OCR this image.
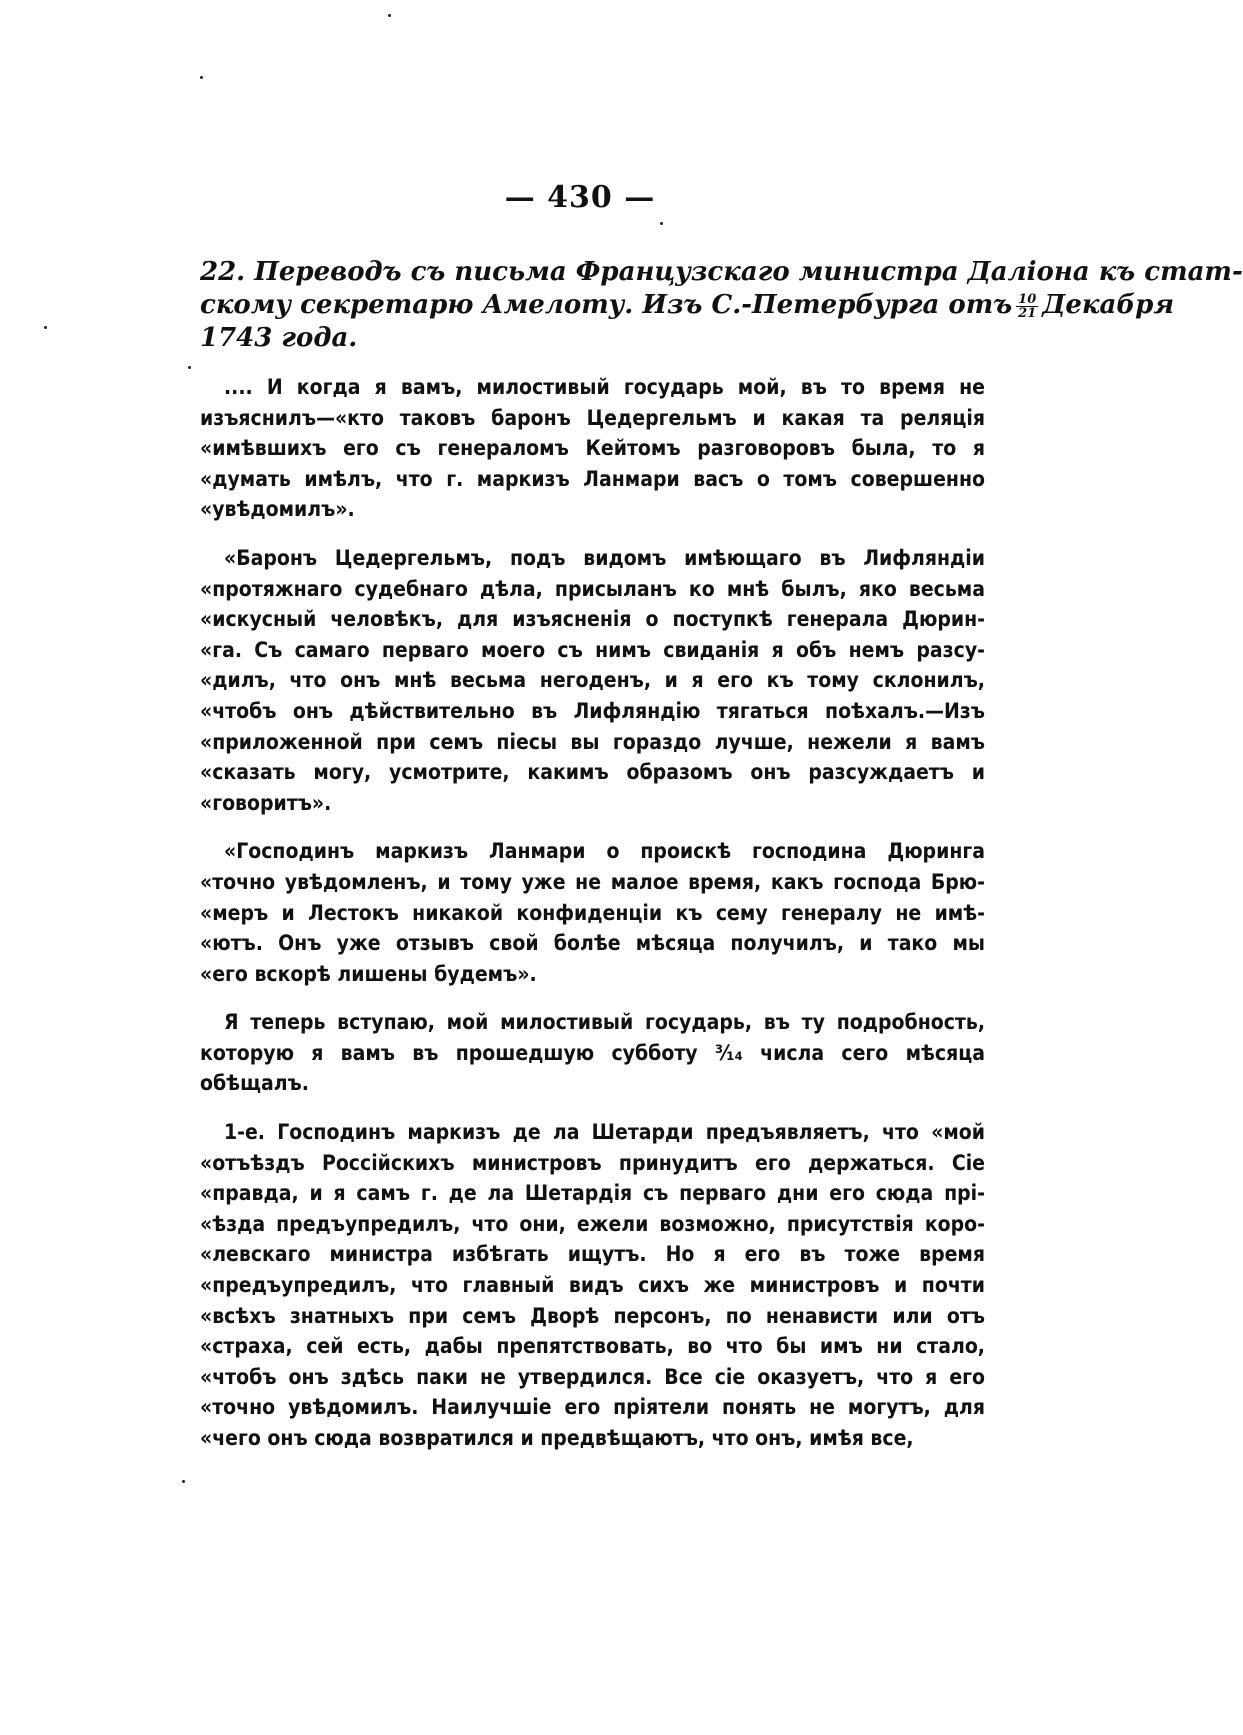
— 430 —
22. Переводъ съ письма Французскаго министра Даліона къ стат-
скому секретарю Амелоту. Изъ С.-Петербурга отъ $\frac{10}{21}$ Декабря
1743 года.
.... И когда я вамъ, милостивый государь мой, въ то время не
изъяснилъ—«кто таковъ баронъ Цедергельмъ и какая та реляція
«имѣвшихъ его съ генераломъ Кейтомъ разговоровъ была, то я
«думать имѣлъ, что г. маркизъ Ланмари васъ о томъ совершенно
«увѣдомилъ».
«Баронъ Цедергельмъ, подъ видомъ имѣющаго въ Лифляндіи
«протяжнаго судебнаго дѣла, присыланъ ко мнѣ былъ, яко весьма
«искусный человѣкъ, для изъясненія о поступкѣ генерала Дюрин-
«га. Съ самаго перваго моего съ нимъ свиданія я объ немъ разсу-
«дилъ, что онъ мнѣ весьма негоденъ, и я его къ тому склонилъ,
«чтобъ онъ дѣйствительно въ Лифляндію тягаться поѣхалъ.—Изъ
«приложенной при семъ піесы вы гораздо лучше, нежели я вамъ
«сказать могу, усмотрите, какимъ образомъ онъ разсуждаетъ и
«говоритъ».
«Господинъ маркизъ Ланмари о проискѣ господина Дюринга
«точно увѣдомленъ, и тому уже не малое время, какъ господа Брю-
«меръ и Лестокъ никакой конфиденціи къ сему генералу не имѣ-
«ютъ. Онъ уже отзывъ свой болѣе мѣсяца получилъ, и тако мы
«его вскорѣ лишены будемъ».
Я теперь вступаю, мой милостивый государь, въ ту подробность,
которую я вамъ въ прошедшую субботу ³⁄₁₄ числа сего мѣсяца
обѣщалъ.
1-е. Господинъ маркизъ де ла Шетарди предъявляетъ, что «мой
«отъѣздъ Россійскихъ министровъ принудитъ его держаться. Сіе
«правда, и я самъ г. де ла Шетардія съ перваго дни его сюда прі-
«ѣзда предъупредилъ, что они, ежели возможно, присутствія коро-
«левскаго министра избѣгать ищутъ. Но я его въ тоже время
«предъупредилъ, что главный видъ сихъ же министровъ и почти
«всѣхъ знатныхъ при семъ Дворѣ персонъ, по ненависти или отъ
«страха, сей есть, дабы препятствовать, во что бы имъ ни стало,
«чтобъ онъ здѣсь паки не утвердился. Все сіе оказуетъ, что я его
«точно увѣдомилъ. Наилучшіе его пріятели понять не могутъ, для
«чего онъ сюда возвратился и предвѣщаютъ, что онъ, имѣя все,
